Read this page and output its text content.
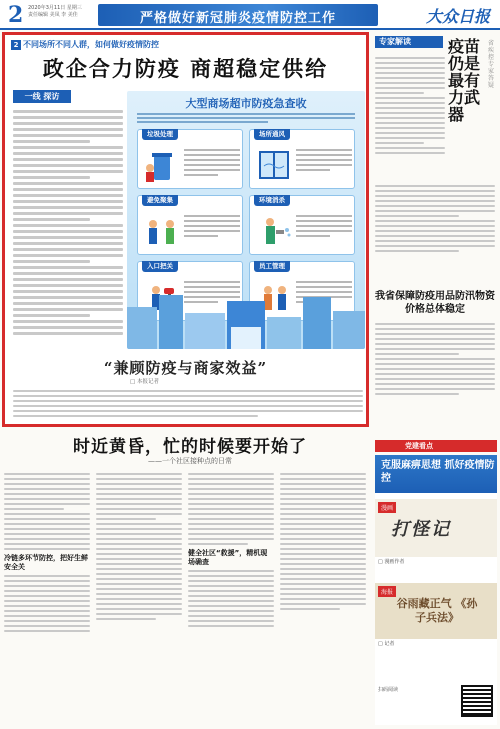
2 2020年3月11日 星期三
责任编辑 美凤 李 美佳	严格做好新冠肺炎疫情防控工作	大众日报
2 不同场所不同人群，如何做好疫情防控
政企合力防疫 商超稳定供给
一线 探访
大型商场超市防疫急查收
垃圾处理	场所通风
避免聚集	环境消杀
入口把关	员工管理
“兼顾防疫与商家效益”
□ 本报记者
专家解读	疫苗仍是最有力武器
省疾控专家答疑
我省保障防疫用品防汛物资价格总体稳定
时近黄昏，忙的时候要开始了
——一个社区接种点的日常
冷链多环节防控，把好生鲜安全关
健全社区“救援”，精机现场确查
党建看点
克服麻痹思想 抓好疫情防控
漫画
打怪记
□ 漫画作者
海报
谷雨藏正气 《孙子兵法》
□ 记者
扫码阅读
